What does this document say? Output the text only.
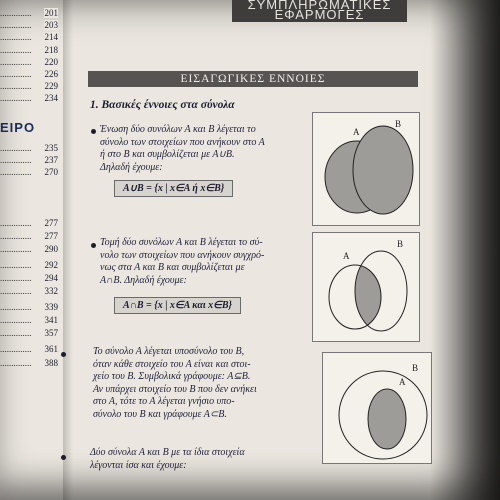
ΣΥΜΠΛΗΡΩΜΑΤΙΚΕΣ ΕΦΑΡΜΟΓΕΣ
.............. 201
.............. 203
.............. 214
.............. 218
.............. 220
.............. 226
.............. 229
.............. 234
ΕΙΡΟ
.............. 235
.............. 237
.............. 270
.............. 277
.............. 277
.............. 290
.............. 292
.............. 294
.............. 332
.............. 339
.............. 341
.............. 357
.............. 361
.............. 388
ΕΙΣΑΓΩΓΙΚΕΣ ΕΝΝΟΙΕΣ
1. Βασικές έννοιες στα σύνολα
Ένωση δύο συνόλων Α και Β λέγεται το
σύνολο των στοιχείων που ανήκουν στο Α
ή στο Β και συμβολίζεται με Α∪Β.
Δηλαδή έχουμε:
Α∪Β = {x | x∈Α ή x∈Β}
Α
Β
Τομή δύο συνόλων Α και Β λέγεται το σύ-
νολο των στοιχείων που ανήκουν συγχρό-
νως στα Α και Β και συμβολίζεται με
Α∩Β. Δηλαδή έχουμε:
Α∩Β = {x | x∈Α και x∈Β}
Α
Β
Το σύνολο Α λέγεται υποσύνολο του Β,
όταν κάθε στοιχείο του Α είναι και στοι-
χείο του Β. Συμβολικά γράφουμε: Α⊆Β.
Αν υπάρχει στοιχείο του Β που δεν ανήκει
στο Α, τότε το Α λέγεται γνήσιο υπο-
σύνολο του Β και γράφουμε Α⊂Β.
Β
Α
Δύο σύνολα Α και Β με τα ίδια στοιχεία
λέγονται ίσα και έχουμε:
